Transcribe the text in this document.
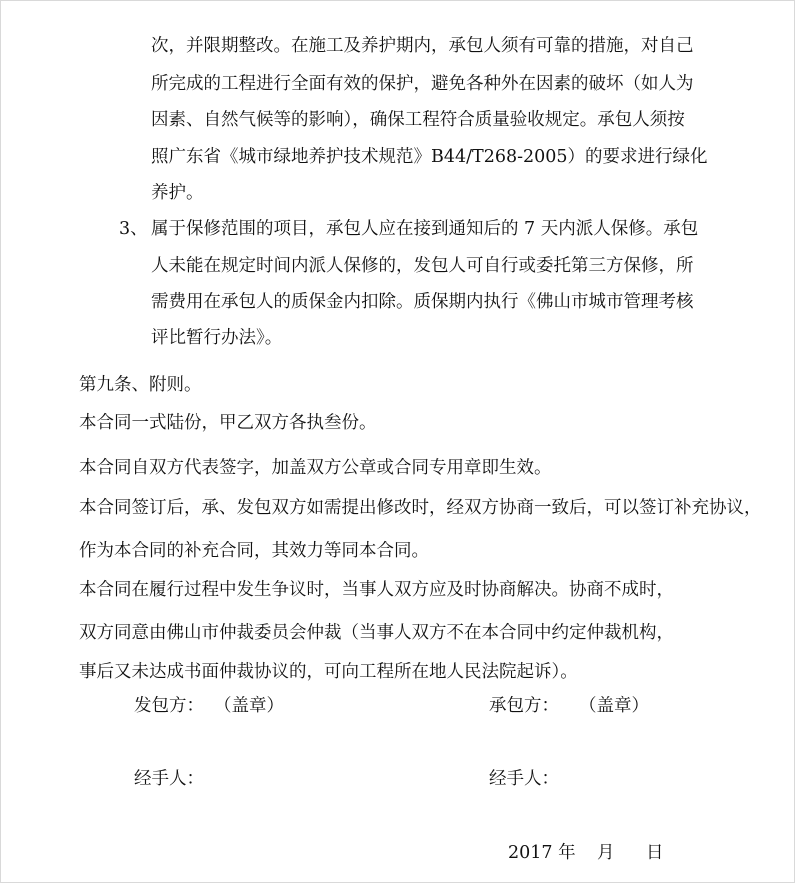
次，并限期整改。在施工及养护期内，承包人须有可靠的措施，对自己
所完成的工程进行全面有效的保护，避免各种外在因素的破坏（如人为
因素、自然气候等的影响），确保工程符合质量验收规定。承包人须按
照广东省《城市绿地养护技术规范》B44/T268-2005）的要求进行绿化
养护。
3、 属于保修范围的项目，承包人应在接到通知后的 7 天内派人保修。承包
人未能在规定时间内派人保修的，发包人可自行或委托第三方保修，所
需费用在承包人的质保金内扣除。质保期内执行《佛山市城市管理考核
评比暂行办法》。
第九条、附则。
本合同一式陆份，甲乙双方各执叁份。
本合同自双方代表签字，加盖双方公章或合同专用章即生效。
本合同签订后，承、发包双方如需提出修改时，经双方协商一致后，可以签订补充协议，
作为本合同的补充合同，其效力等同本合同。
本合同在履行过程中发生争议时，当事人双方应及时协商解决。协商不成时，
双方同意由佛山市仲裁委员会仲裁（当事人双方不在本合同中约定仲裁机构，
事后又未达成书面仲裁协议的，可向工程所在地人民法院起诉）。
发包方： （盖章）	承包方： （盖章）
经手人：	经手人：
2017 年 月 日
